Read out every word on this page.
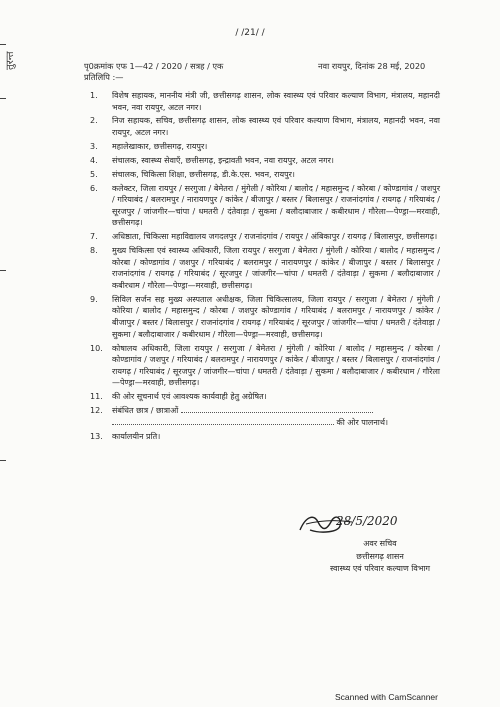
तुरन्त
/ /21/ /
पृ0क्रमांक एफ 1—42 / 2020 / सत्रह / एक	नवा रायपुर, दिनांक 28 मई, 2020
प्रतिलिपि :—
1. विशेष सहायक, माननीय मंत्री जी, छत्तीसगढ़ शासन, लोक स्वास्थ्य एवं परिवार कल्याण विभाग, मंत्रालय, महानदी भवन, नवा रायपुर, अटल नगर।
2. निज सहायक, सचिव, छत्तीसगढ़ शासन, लोक स्वास्थ्य एवं परिवार कल्याण विभाग, मंत्रालय, महानदी भवन, नवा रायपुर, अटल नगर।
3. महालेखाकार, छत्तीसगढ़, रायपुर।
4. संचालक, स्वास्थ्य सेवाएँ, छत्तीसगढ़, इन्द्रावती भवन, नवा रायपुर, अटल नगर।
5. संचालक, चिकित्सा शिक्षा, छत्तीसगढ़, डी.के.एस. भवन, रायपुर।
6. कलेक्टर, जिला रायपुर / सरगुजा / बेमेतरा / मुंगेली / कोरिया / बालोद / महासमुन्द / कोरबा / कोण्डागांव / जशपुर / गरियाबंद / बलरामपुर / नारायणपुर / कांकेर / बीजापुर / बस्तर / बिलासपुर / राजनांदगांव / रायगढ़ / गरियाबंद / सूरजपुर / जांजगीर—चांपा / धमतरी / दंतेवाड़ा / सुकमा / बलौदाबाजार / कबीरधाम / गौरेला—पेण्ड्रा—मरवाही, छत्तीसगढ़।
7. अधिष्ठाता, चिकित्सा महाविद्यालय जगदलपुर / राजनांदगांव / रायपुर / अंबिकापुर / रायगढ़ / बिलासपुर, छत्तीसगढ़।
8. मुख्य चिकित्सा एवं स्वास्थ्य अधिकारी, जिला रायपुर / सरगुजा / बेमेतरा / मुंगेली / कोरिया / बालोद / महासमुन्द / कोरबा / कोण्डागांव / जशपुर / गरियाबंद / बलरामपुर / नारायणपुर / कांकेर / बीजापुर / बस्तर / बिलासपुर / राजनांदगांव / रायगढ़ / गरियाबंद / सूरजपुर / जांजगीर—चांपा / धमतरी / दंतेवाड़ा / सुकमा / बलौदाबाजार / कबीरधाम / गौरेला—पेण्ड्रा—मरवाही, छत्तीसगढ़।
9. सिविल सर्जन सह मुख्य अस्पताल अधीक्षक, जिला चिकित्सालय, जिला रायपुर / सरगुजा / बेमेतरा / मुंगेली / कोरिया / बालोद / महासमुन्द / कोरबा / जशपुर कोण्डागांव / गरियाबंद / बलरामपुर / नारायणपुर / कांकेर / बीजापुर / बस्तर / बिलासपुर / राजनांदगांव / रायगढ़ / गरियाबंद / सूरजपुर / जांजगीर—चांपा / धमतरी / दंतेवाड़ा / सुकमा / बलौदाबाजार / कबीरधाम / गौरेला—पेण्ड्रा—मरवाही, छत्तीसगढ़।
10. कोषालय अधिकारी, जिला रायपुर / सरगुजा / बेमेतरा / मुंगेली / कोरिया / बालोद / महासमुन्द / कोरबा / कोण्डागांव / जशपुर / गरियाबंद / बलरामपुर / नारायणपुर / कांकेर / बीजापुर / बस्तर / बिलासपुर / राजनांदगांव / रायगढ़ / गरियाबंद / सूरजपुर / जांजगीर—चांपा / धमतरी / दंतेवाड़ा / सुकमा / बलौदाबाजार / कबीरधाम / गौरेला—पेण्ड्रा—मरवाही, छत्तीसगढ़।
11. की ओर सूचनार्थ एवं आवश्यक कार्यवाही हेतु अग्रेषित।
12. संबंधित छात्र / छात्राओं
की ओर पालनार्थ।
13. कार्यालयीन प्रति।
28/5/2020
अवर सचिव
छत्तीसगढ़ शासन
स्वास्थ्य एवं परिवार कल्याण विभाग
Scanned with CamScanner
